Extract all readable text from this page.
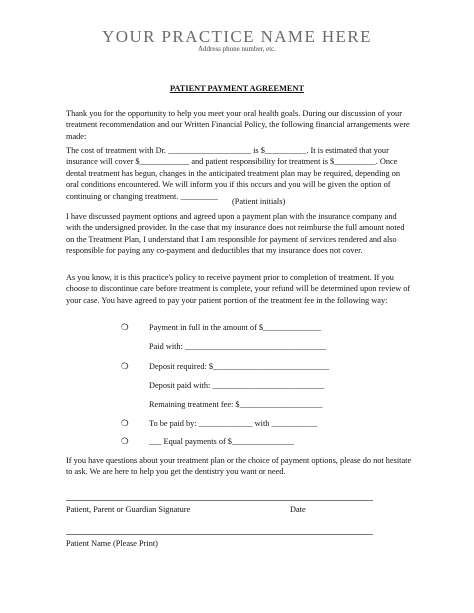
YOUR PRACTICE NAME HERE
Address phone number, etc.
PATIENT PAYMENT AGREEMENT

Thank you for the opportunity to help you meet your oral health goals. During our discussion of your treatment recommendation and our Written Financial Policy, the following financial arrangements were made:

The cost of treatment with Dr. ____________________ is $__________. It is estimated that your insurance will cover $____________ and patient responsibility for treatment is $__________. Once dental treatment has begun, changes in the anticipated treatment plan may be required, depending on oral conditions encountered. We will inform you if this occurs and you will be given the option of continuing or changing treatment. _________

(Patient initials)

I have discussed payment options and agreed upon a payment plan with the insurance company and with the undersigned provider. In the case that my insurance does not reimburse the full amount noted on the Treatment Plan, I understand that I am responsible for payment of services rendered and also responsible for paying any co-payment and deductibles that my insurance does not cover.

As you know, it is this practice's policy to receive payment prior to completion of treatment. If you choose to discontinue care before treatment is complete, your refund will be determined upon review of your case. You have agreed to pay your patient portion of the treatment fee in the following way:

❍ Payment in full in the amount of $______________
Paid with: __________________________________
❍ Deposit required: $____________________________
Deposit paid with: ___________________________
Remaining treatment fee: $____________________
❍ To be paid by: _____________ with ___________
❍ ___ Equal payments of $_______________

If you have questions about your treatment plan or the choice of payment options, please do not hesitate to ask. We are here to help you get the dentistry you want or need.

Patient, Parent or Guardian Signature	Date
Patient Name (Please Print)
